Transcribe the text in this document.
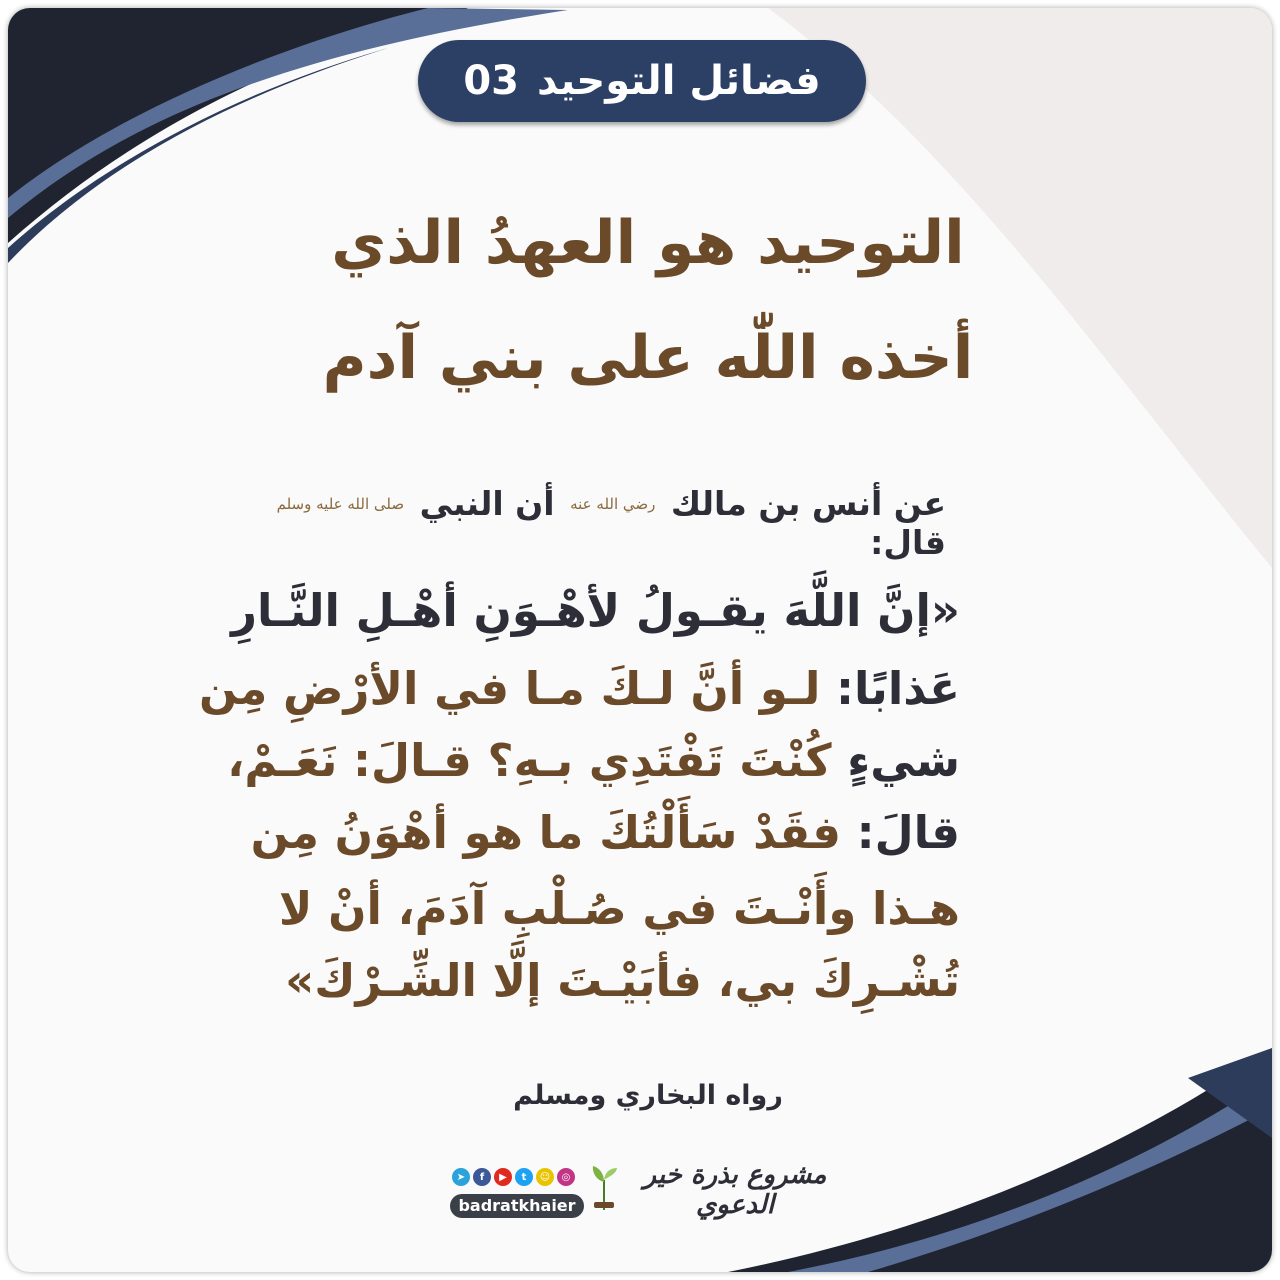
فضائل التوحيد
03
التوحيد هو العهدُ الذي
أخذه اللّٰه على بني آدم
عن أنس بن مالك رضي الله عنه أن النبي صلى الله عليه وسلم قال:
«إنَّ اللَّهَ يقـولُ لأهْـوَنِ أهْـلِ النَّـارِ
عَذابًا: لـو أنَّ لـكَ مـا في الأرْضِ مِن
شيءٍ كُنْتَ تَفْتَدِي بـهِ؟ قـالَ: نَعَـمْ،
قالَ: فقَدْ سَأَلْتُكَ ما هو أهْوَنُ مِن
هـذا وأَنْـتَ في صُـلْبِ آدَمَ، أنْ لا
تُشْـرِكَ بي، فأبَيْـتَ إلَّا الشِّـرْكَ»
رواه البخاري ومسلم
➤	f	▶	t	☺	◎
badratkhaier
مشروع بذرة خير الدعوي
